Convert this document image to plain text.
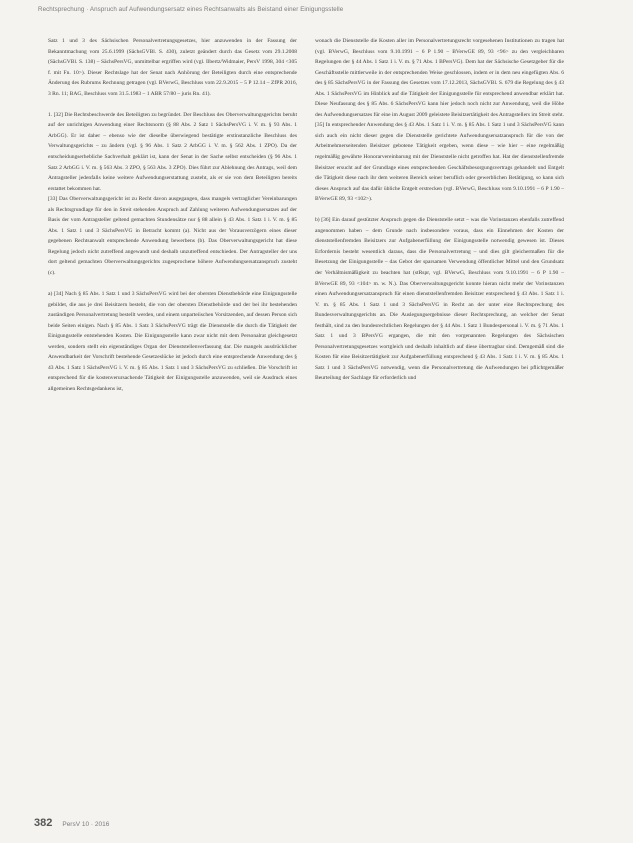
Rechtsprechung · Anspruch auf Aufwendungsersatz eines Rechtsanwalts als Beistand einer Einigungsstelle

Satz 1 und 3 des Sächsischen Personalvertretungsgesetzes, hier anzuwenden in der Fassung der Bekanntmachung vom 25.6.1999 (SächsGVBl. S. 430), zuletzt geändert durch das Gesetz vom 29.1.2008 (SächsGVBl. S. 138) – SächsPersVG, unmittelbar ergriffen wird (vgl. Ilbertz/Widmaier, PersV 1998, 304 <305 f. mit Fn. 10>). Dieser Rechtslage hat der Senat nach Anhörung der Beteiligten durch eine entsprechende Änderung des Rubrums Rechnung getragen (vgl. BVerwG, Beschluss vom 22.9.2015 – 5 P 12.14 – ZfPR 2016, 3 Rn. 11; BAG, Beschluss vom 31.5.1983 – 1 ABR 57/80 – juris Rn. 41).

1. [32] Die Rechtsbeschwerde des Beteiligten zu begründet. Der Beschluss des Oberverwaltungsgerichts beruht auf der unrichtigen Anwendung einer Rechtsnorm (§ 88 Abs. 2 Satz 1 SächsPersVG i. V. m. § 93 Abs. 1 ArbGG). Er ist daher – ebenso wie der dieselbe überwiegend bestätigte erstinstanzliche Beschluss des Verwaltungsgerichts – zu ändern (vgl. § 96 Abs. 1 Satz 2 ArbGG i. V. m. § 562 Abs. 1 ZPO). Da der entscheidungserhebliche Sachverhalt geklärt ist, kann der Senat in der Sache selbst entscheiden (§ 96 Abs. 1 Satz 2 ArbGG i. V. m. § 563 Abs. 3 ZPO, § 563 Abs. 3 ZPO). Dies führt zur Ablehnung des Antrags, weil dem Antragsteller jedenfalls keine weitere Aufwendungserstattung zusteht, als er sie von dem Beteiligten bereits erstattet bekommen hat.

[33] Das Oberverwaltungsgericht ist zu Recht davon ausgegangen, dass mangels vertraglicher Vereinbarungen als Rechtsgrundlage für den in Streit stehenden Anspruch auf Zahlung weiteren Aufwendungsersatzes auf der Basis der vom Antragsteller geltend gemachten Stundensätze nur § 88 allein § 43 Abs. 1 Satz 1 i. V. m. § 85 Abs. 1 Satz 1 und 3 SächsPersVG in Betracht kommt (a). Nicht aus der Vorausverzögern eines dieser gegebenen Rechtsanwalt entsprechende Anwendung bewerbens (b). Das Oberverwaltungsgericht hat diese Regelung jedoch nicht zutreffend angewandt und deshalb unzutreffend entschieden. Der Antragsteller der uns dort geltend gemachten Oberverwaltungsgerichts zugesprochene höhere Aufwendungsersatzanspruch zusteht (c).

a) [34] Nach § 85 Abs. 1 Satz 1 und 3 SächsPersVG wird bei der obersten Dienstbehörde eine Einigungsstelle gebildet, die aus je drei Beisitzern besteht, die von der obersten Dienstbehörde und der bei ihr bestehenden zuständigen Personalvertretung bestellt werden, und einem unparteiischen Vorsitzenden, auf dessen Person sich beide Seiten einigen. Nach § 85 Abs. 1 Satz 3 SächsPersVG trägt die Dienststelle die durch die Tätigkeit der Einigungsstelle entstehenden Kosten. Die Einigungsstelle kann zwar nicht mit dem Personalrat gleichgesetzt werden, sondern stellt ein eigenständiges Organ der Dienststellenverfassung dar. Die mangels ausdrücklicher Anwendbarkeit der Vorschrift bestehende Gesetzeslücke ist jedoch durch eine entsprechende Anwendung des § 43 Abs. 1 Satz 1 SächsPersVG i. V. m. § 85 Abs. 1 Satz 1 und 3 SächsPersVG zu schließen. Die Vorschrift ist entsprechend für die kostenverursachende Tätigkeit der Einigungsstelle anzuwenden, weil sie Ausdruck eines allgemeinen Rechtsgedankens ist,

wonach die Dienststelle die Kosten aller im Personalvertretungsrecht vorgesehenen Institutionen zu tragen hat (vgl. BVerwG, Beschluss vom 9.10.1991 – 6 P 1.90 – BVerwGE 89, 93 <96> zu den vergleichbaren Regelungen der § 44 Abs. 1 Satz 1 i. V. m. § 71 Abs. 1 BPersVG). Dem hat der Sächsische Gesetzgeber für die Geschäftsstelle mittlerweile in der entsprechenden Weise geschlossen, indem er in dem neu eingefügten Abs. 6 des § 85 SächsPersVG in der Fassung des Gesetzes vom 17.12.2013, SächsGVBl. S. 679 die Regelung des § 43 Abs. 1 SächsPersVG im Hinblick auf die Tätigkeit der Einigungsstelle für entsprechend anwendbar erklärt hat. Diese Neufassung des § 85 Abs. 6 SächsPersVG kann hier jedoch noch nicht zur Anwendung, weil die Höhe des Aufwendungsersatzes für eine im August 2009 geleistete Beisitzertätigkeit des Antragstellers im Streit steht.

[35] In entsprechender Anwendung des § 43 Abs. 1 Satz 1 i. V. m. § 85 Abs. 1 Satz 1 und 3 SächsPersVG kann sich auch ein nicht dieser gegen die Dienststelle gerichtete Aufwendungsersatzanspruch für die von der Arbeitnehmerseitenden Beisitzer gebotene Tätigkeit ergeben, wenn diese – wie hier – eine regelmäßig regelmäßig gewährte Honorarvereinbarung mit der Dienststelle nicht getroffen hat. Hat der dienststellenfremde Beisitzer ersucht auf der Grundlage eines entsprechenden Geschäftsbesorgungsvertrags gehandelt und Entgelt die Tätigkeit diese nach ihr dem weiteren Bereich seiner beruflich oder gewerblichen Betätigung, so kann sich dieses Anspruch auf das dafür übliche Entgelt erstrecken (vgl. BVerwG, Beschluss vom 9.10.1991 – 6 P 1.90 – BVerwGE 89, 93 <102>).

b) [36] Ein darauf gestützter Anspruch gegen die Dienststelle setzt – was die Vorinstanzen ebenfalls zutreffend angenommen haben – dem Grunde nach insbesondere voraus, dass ein Einnehmen der Kosten der dienststellenfremden Beisitzers zur Aufgabenerfüllung der Einigungsstelle notwendig gewesen ist. Dieses Erfordernis besteht wesentlich daraus, dass die Personalvertretung – und dies gilt gleichermaßen für die Besetzung der Einigungsstelle – das Gebot der sparsamen Verwendung öffentlicher Mittel und den Grundsatz der Verhältnismäßigkeit zu beachten hat (stRspr, vgl. BVerwG, Beschluss vom 9.10.1991 – 6 P 1.90 – BVerwGE 89, 93 <104> m. w. N.). Das Oberverwaltungsgericht konnte hieran nicht mehr der Vorinstanzen einen Aufwendungsersatzanspruch für einen dienststellenfremden Beisitzer entsprechend § 43 Abs. 1 Satz 1 i. V. m. § 85 Abs. 1 Satz 1 und 3 SächsPersVG in Recht an der unter eine Rechtsprechung des Bundesverwaltungsgerichts an. Die Auslegungsergebnisse dieser Rechtsprechung, an welcher der Senat festhält, sind zu den bundesrechtlichen Regelungen der § 44 Abs. 1 Satz 1 Bundespersonal i. V. m. § 71 Abs. 1 Satz 1 und 3 BPersVG ergangen, die mit den vorgenannten Regelungen des Sächsischen Personalvertretungsgesetzes wortgleich und deshalb inhaltlich auf diese übertragbar sind. Demgemäß sind die Kosten für eine Beisitzertätigkeit zur Aufgabenerfüllung entsprechend § 43 Abs. 1 Satz 1 i. V. m. § 85 Abs. 1 Satz 1 und 3 SächsPersVG notwendig, wenn die Personalvertretung die Aufwendungen bei pflichtgemäßer Beurteilung der Sachlage für erforderlich und

382 PersV 10 · 2016
